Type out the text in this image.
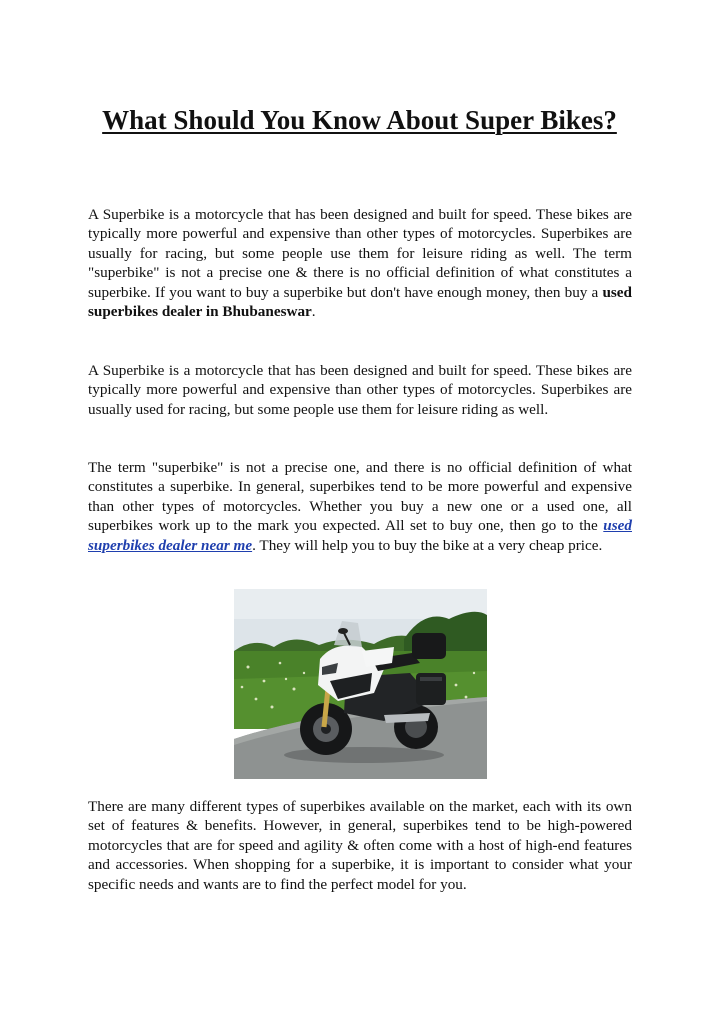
What Should You Know About Super Bikes?

A Superbike is a motorcycle that has been designed and built for speed. These bikes are typically more powerful and expensive than other types of motorcycles. Superbikes are usually for racing, but some people use them for leisure riding as well. The term "superbike" is not a precise one & there is no official definition of what constitutes a superbike. If you want to buy a superbike but don't have enough money, then buy a used superbikes dealer in Bhubaneswar.

A Superbike is a motorcycle that has been designed and built for speed. These bikes are typically more powerful and expensive than other types of motorcycles. Superbikes are usually used for racing, but some people use them for leisure riding as well.

The term "superbike" is not a precise one, and there is no official definition of what constitutes a superbike. In general, superbikes tend to be more powerful and expensive than other types of motorcycles. Whether you buy a new one or a used one, all superbikes work up to the mark you expected. All set to buy one, then go to the used superbikes dealer near me. They will help you to buy the bike at a very cheap price.

There are many different types of superbikes available on the market, each with its own set of features & benefits. However, in general, superbikes tend to be high-powered motorcycles that are for speed and agility & often come with a host of high-end features and accessories. When shopping for a superbike, it is important to consider what your specific needs and wants are to find the perfect model for you.
